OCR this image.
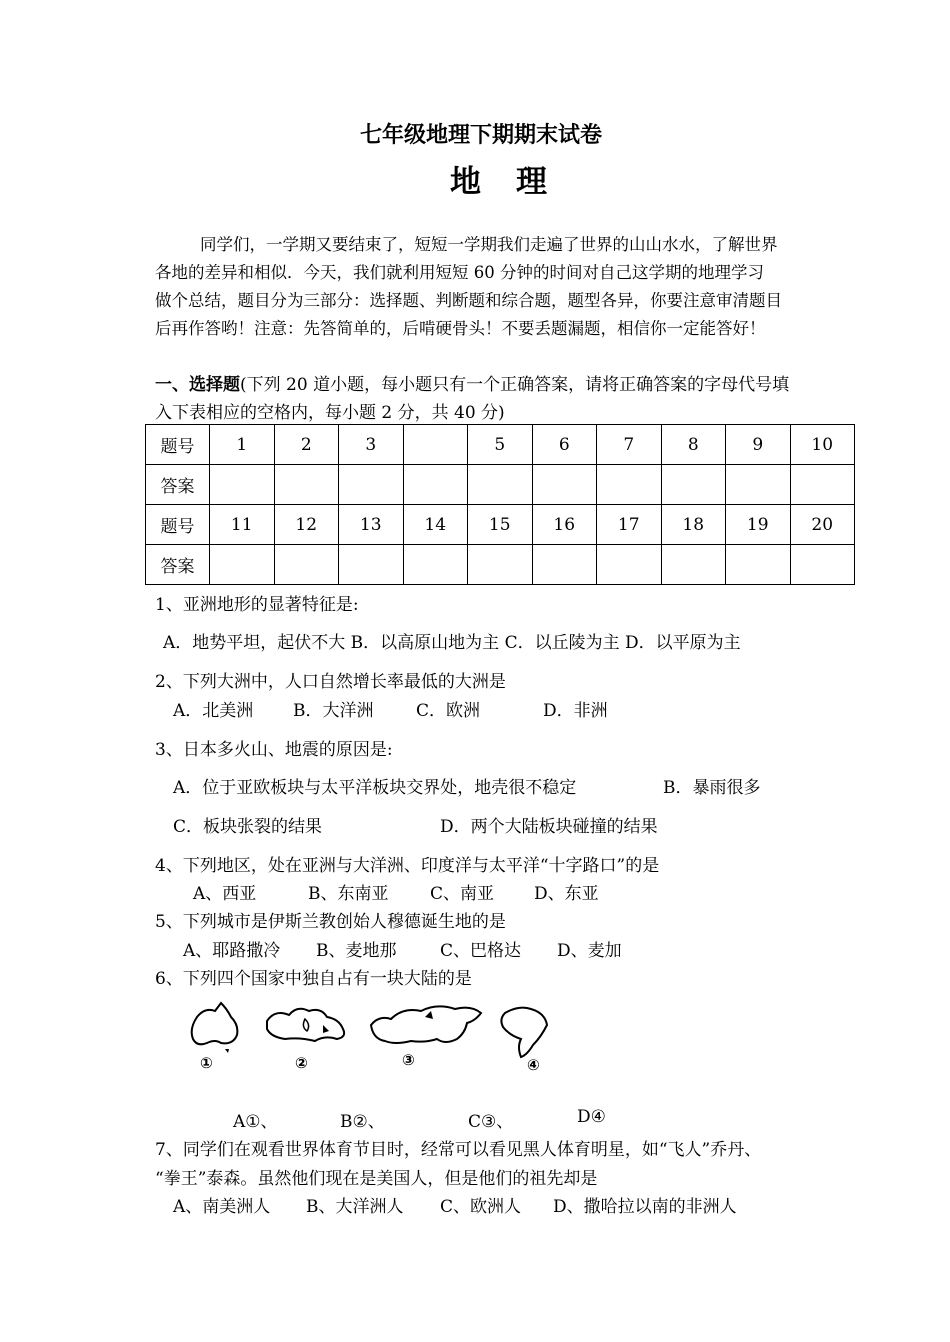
七年级地理下期期末试卷
地　理
同学们，一学期又要结束了，短短一学期我们走遍了世界的山山水水，了解世界
各地的差异和相似．今天，我们就利用短短 60 分钟的时间对自己这学期的地理学习
做个总结，题目分为三部分：选择题、判断题和综合题，题型各异，你要注意审清题目
后再作答哟！注意：先答简单的，后啃硬骨头！不要丢题漏题，相信你一定能答好！
一、选择题(下列 20 道小题，每小题只有一个正确答案，请将正确答案的字母代号填
入下表相应的空格内，每小题 2 分，共 40 分)
题号	1	2	3		5	6	7	8	9	10
答案										
题号	11	12	13	14	15	16	17	18	19	20
答案										
1、亚洲地形的显著特征是:
A．地势平坦，起伏不大 B．以高原山地为主 C．以丘陵为主 D．以平原为主
2、下列大洲中，人口自然增长率最低的大洲是
A．北美洲 B．大洋洲	C．欧洲	D．非洲
3、日本多火山、地震的原因是:
A．位于亚欧板块与太平洋板块交界处，地壳很不稳定	B．暴雨很多
C．板块张裂的结果	D．两个大陆板块碰撞的结果
4、下列地区，处在亚洲与大洋洲、印度洋与太平洋“十字路口”的是
A、西亚	B、东南亚 C、南亚 D、东亚
5、下列城市是伊斯兰教创始人穆德诞生地的是
A、耶路撒冷 B、麦地那	C、巴格达 D、麦加
6、下列四个国家中独自占有一块大陆的是
①	②	③	④
A①、	B②、	C③、	D④
7、同学们在观看世界体育节目时，经常可以看见黑人体育明星，如“飞人”乔丹、
“拳王”泰森。虽然他们现在是美国人，但是他们的祖先却是
A、南美洲人 B、大洋洲人 C、欧洲人 D、撒哈拉以南的非洲人
